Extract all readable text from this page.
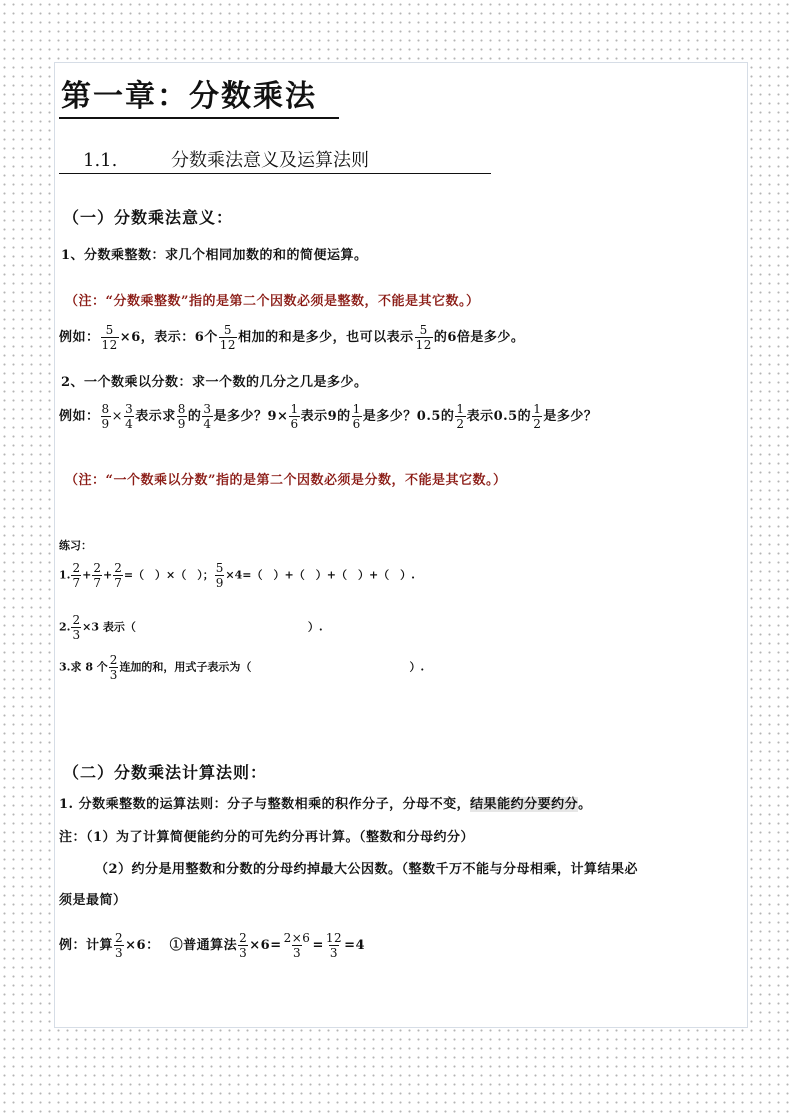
第一章：分数乘法
1.1.	分数乘法意义及运算法则
（一）分数乘法意义：
1、分数乘整数：求几个相同加数的和的简便运算。
（注：“分数乘整数”指的是第二个因数必须是整数，不能是其它数。）
例如： $\frac{5}{12} \times 6$，表示：6个 $\frac{5}{12}$ 相加的和是多少，也可以表示 $\frac{5}{12}$ 的6倍是多少。
2、一个数乘以分数：求一个数的几分之几是多少。
例如： $\frac{8}{9} \times \frac{3}{4}$ 表示求 $\frac{8}{9}$ 的 $\frac{3}{4}$ 是多少？$9\times \frac{1}{6}$ 表示9的 $\frac{1}{6}$ 是多少？0.5的 $\frac{1}{2}$ 表示0.5的 $\frac{1}{2}$ 是多少？
（注：“一个数乘以分数”指的是第二个因数必须是分数，不能是其它数。）
练习：
1. $\frac{2}{7} + \frac{2}{7} + \frac{2}{7}$ =（　）×（　）； $\frac{5}{9} \times 4=$（　）+（　）+（　）+（　）.
2. $\frac{2}{3} \times 3$ 表示（	）.
3.求 8 个 $\frac{2}{3}$ 连加的和，用式子表示为（	）.
（二）分数乘法计算法则：
1. 分数乘整数的运算法则：分子与整数相乘的积作分子，分母不变，结果能约分要约分。
注：（1）为了计算简便能约分的可先约分再计算。（整数和分母约分）
（2）约分是用整数和分数的分母约掉最大公因数。（整数千万不能与分母相乘，计算结果必
须是最简）
例：计算 $\frac{2}{3} \times 6$： ①普通算法 $\frac{2}{3} \times 6= \frac{2\times 6}{3} = \frac{12}{3} =4$
